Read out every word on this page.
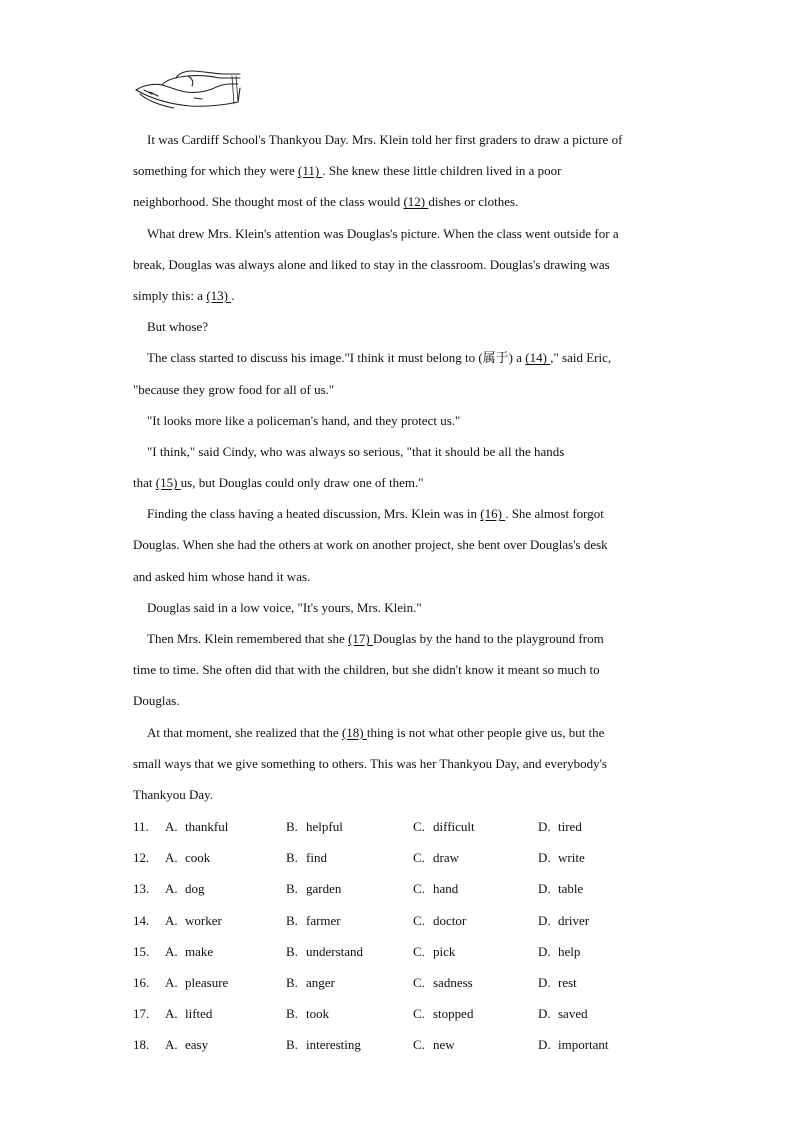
It was Cardiff School's Thankyou Day. Mrs. Klein told her first graders to draw a picture of
something for which they were (11) . She knew these little children lived in a poor
neighborhood. She thought most of the class would (12) dishes or clothes.
What drew Mrs. Klein's attention was Douglas's picture. When the class went outside for a
break, Douglas was always alone and liked to stay in the classroom. Douglas's drawing was
simply this: a (13) .
But whose?
The class started to discuss his image."I think it must belong to (属于) a (14) ," said Eric,
"because they grow food for all of us."
"It looks more like a policeman's hand, and they protect us."
"I think," said Cindy, who was always so serious, "that it should be all the hands
that (15) us, but Douglas could only draw one of them."
Finding the class having a heated discussion, Mrs. Klein was in (16) . She almost forgot
Douglas. When she had the others at work on another project, she bent over Douglas's desk
and asked him whose hand it was.
Douglas said in a low voice, "It's yours, Mrs. Klein."
Then Mrs. Klein remembered that she (17) Douglas by the hand to the playground from
time to time. She often did that with the children, but she didn't know it meant so much to
Douglas.
At that moment, she realized that the (18) thing is not what other people give us, but the
small ways that we give something to others. This was her Thankyou Day, and everybody's
Thankyou Day.
11. A. thankful	B. helpful	C. difficult	D. tired
12. A. cook	B. find	C. draw	D. write
13. A. dog	B. garden	C. hand	D. table
14. A. worker	B. farmer	C. doctor	D. driver
15. A. make	B. understand	C. pick	D. help
16. A. pleasure	B. anger	C. sadness	D. rest
17. A. lifted	B. took	C. stopped	D. saved
18. A. easy	B. interesting	C. new	D. important
